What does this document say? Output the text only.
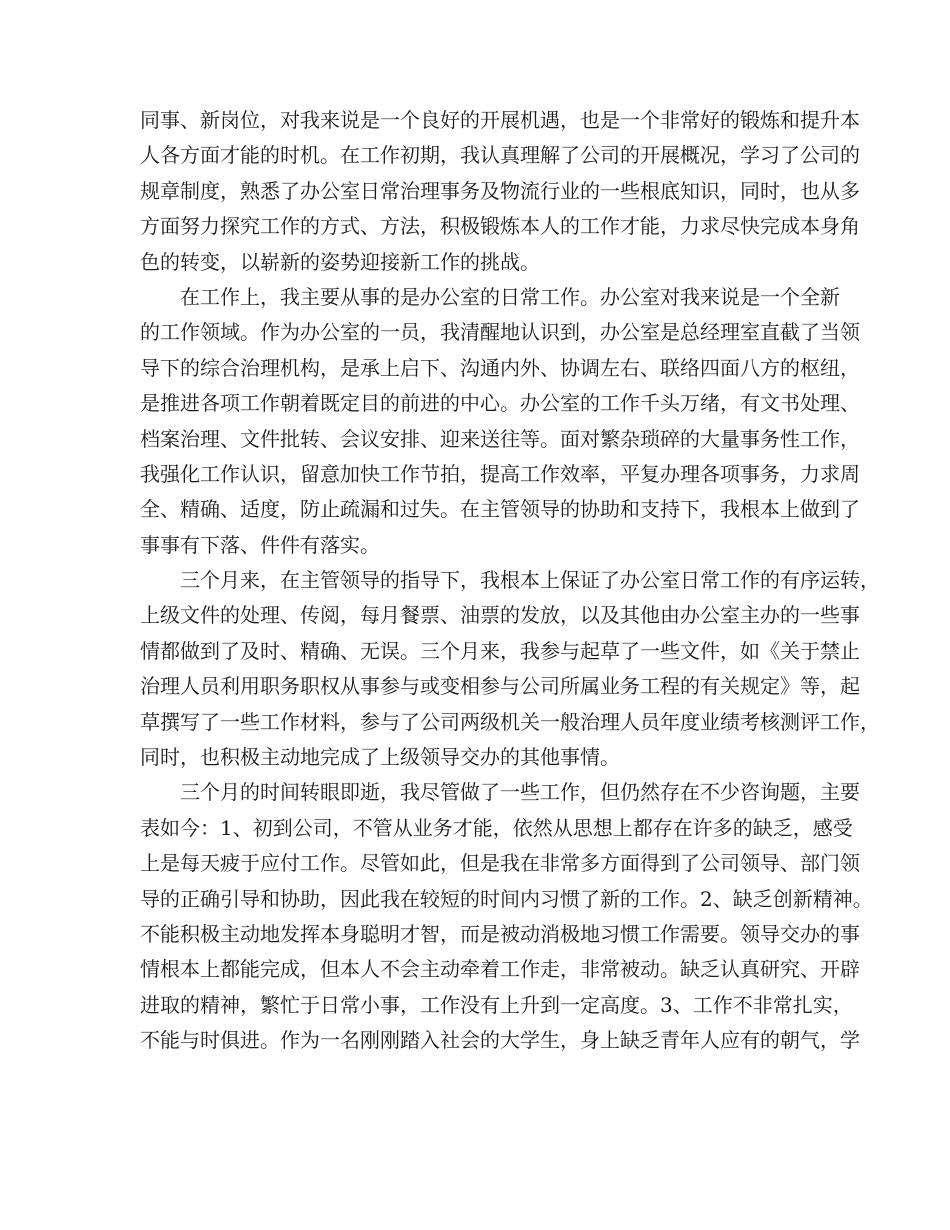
同事、新岗位，对我来说是一个良好的开展机遇，也是一个非常好的锻炼和提升本
人各方面才能的时机。在工作初期，我认真理解了公司的开展概况，学习了公司的
规章制度，熟悉了办公室日常治理事务及物流行业的一些根底知识，同时，也从多
方面努力探究工作的方式、方法，积极锻炼本人的工作才能，力求尽快完成本身角
色的转变，以崭新的姿势迎接新工作的挑战。
在工作上，我主要从事的是办公室的日常工作。办公室对我来说是一个全新
的工作领域。作为办公室的一员，我清醒地认识到，办公室是总经理室直截了当领
导下的综合治理机构，是承上启下、沟通内外、协调左右、联络四面八方的枢纽，
是推进各项工作朝着既定目的前进的中心。办公室的工作千头万绪，有文书处理、
档案治理、文件批转、会议安排、迎来送往等。面对繁杂琐碎的大量事务性工作，
我强化工作认识，留意加快工作节拍，提高工作效率，平复办理各项事务，力求周
全、精确、适度，防止疏漏和过失。在主管领导的协助和支持下，我根本上做到了
事事有下落、件件有落实。
三个月来，在主管领导的指导下，我根本上保证了办公室日常工作的有序运转，
上级文件的处理、传阅，每月餐票、油票的发放，以及其他由办公室主办的一些事
情都做到了及时、精确、无误。三个月来，我参与起草了一些文件，如《关于禁止
治理人员利用职务职权从事参与或变相参与公司所属业务工程的有关规定》等，起
草撰写了一些工作材料，参与了公司两级机关一般治理人员年度业绩考核测评工作，
同时，也积极主动地完成了上级领导交办的其他事情。
三个月的时间转眼即逝，我尽管做了一些工作，但仍然存在不少咨询题，主要
表如今：1、初到公司，不管从业务才能，依然从思想上都存在许多的缺乏，感受
上是每天疲于应付工作。尽管如此，但是我在非常多方面得到了公司领导、部门领
导的正确引导和协助，因此我在较短的时间内习惯了新的工作。2、缺乏创新精神。
不能积极主动地发挥本身聪明才智，而是被动消极地习惯工作需要。领导交办的事
情根本上都能完成，但本人不会主动牵着工作走，非常被动。缺乏认真研究、开辟
进取的精神，繁忙于日常小事，工作没有上升到一定高度。3、工作不非常扎实，
不能与时俱进。作为一名刚刚踏入社会的大学生，身上缺乏青年人应有的朝气，学
